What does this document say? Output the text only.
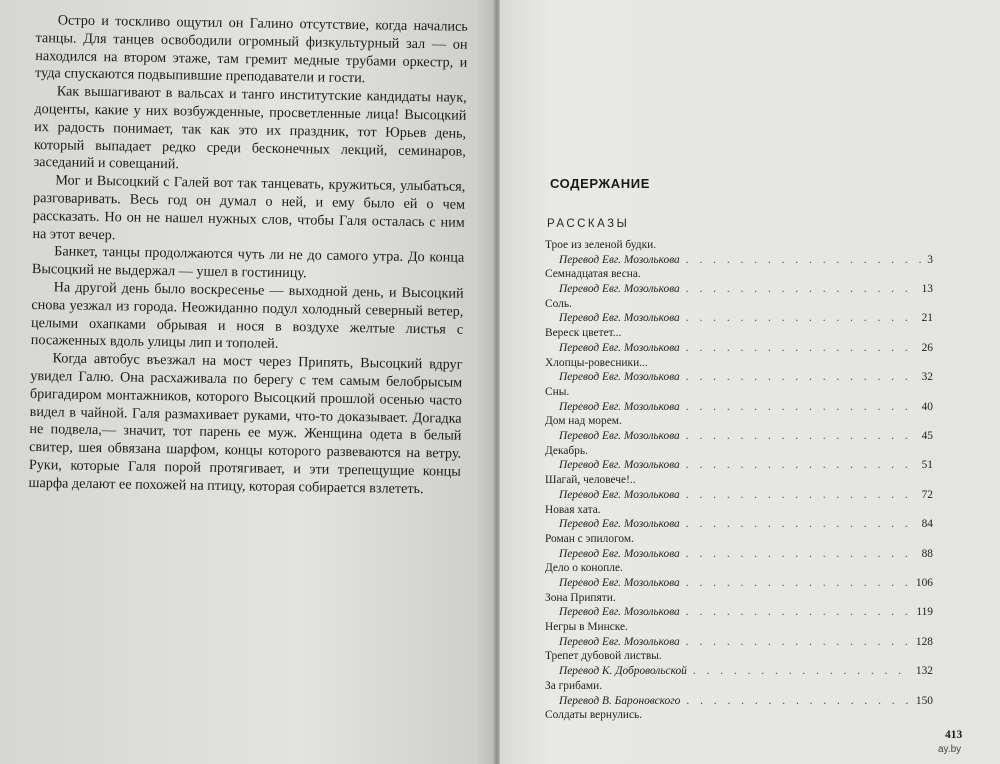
Остро и тоскливо ощутил он Галино отсутствие, когда начались танцы. Для танцев освободили огромный физкультурный зал — он находился на втором этаже, там гремит медные трубами оркестр, и туда спускаются подвыпившие преподаватели и гости.

Как вышагивают в вальсах и танго институтские кандидаты наук, доценты, какие у них возбужденные, просветленные лица! Высоцкий их радость понимает, так как это их праздник, тот Юрьев день, который выпадает редко среди бесконечных лекций, семинаров, заседаний и совещаний.

Мог и Высоцкий с Галей вот так танцевать, кружиться, улыбаться, разговаривать. Весь год он думал о ней, и ему было ей о чем рассказать. Но он не нашел нужных слов, чтобы Галя осталась с ним на этот вечер.

Банкет, танцы продолжаются чуть ли не до самого утра. До конца Высоцкий не выдержал — ушел в гостиницу.

На другой день было воскресенье — выходной день, и Высоцкий снова уезжал из города. Неожиданно подул холодный северный ветер, целыми охапками обрывая и нося в воздухе желтые листья с посаженных вдоль улицы лип и тополей.

Когда автобус въезжал на мост через Припять, Высоцкий вдруг увидел Галю. Она расхаживала по берегу с тем самым белобрысым бригадиром монтажников, которого Высоцкий прошлой осенью часто видел в чайной. Галя размахивает руками, что-то доказывает. Догадка не подвела,— значит, тот парень ее муж. Женщина одета в белый свитер, шея обвязана шарфом, концы которого развеваются на ветру. Руки, которые Галя порой протягивает, и эти трепещущие концы шарфа делают ее похожей на птицу, которая собирается взлететь.

СОДЕРЖАНИЕ
РАССКАЗЫ
Трое из зеленой будки.
Перевод Евг. Мозолькова . . .	3
Семнадцатая весна.
Перевод Евг. Мозолькова . . .	13
Соль.
Перевод Евг. Мозолькова . . .	21
Вереск цветет...
Перевод Евг. Мозолькова . . .	26
Хлопцы-ровесники...
Перевод Евг. Мозолькова . . .	32
Сны.
Перевод Евг. Мозолькова . . .	40
Дом над морем.
Перевод Евг. Мозолькова . . .	45
Декабрь.
Перевод Евг. Мозолькова . . .	51
Шагай, человече!..
Перевод Евг. Мозолькова . . .	72
Новая хата.
Перевод Евг. Мозолькова . . .	84
Роман с эпилогом.
Перевод Евг. Мозолькова . . .	88
Дело о конопле.
Перевод Евг. Мозолькова . . .	106
Зона Припяти.
Перевод Евг. Мозолькова . . .	119
Негры в Минске.
Перевод Евг. Мозолькова . . .	128
Трепет дубовой листвы.
Перевод К. Добровольской . . .	132
За грибами.
Перевод В. Бароновского . . .	150
Солдаты вернулись.
413
ay.by
